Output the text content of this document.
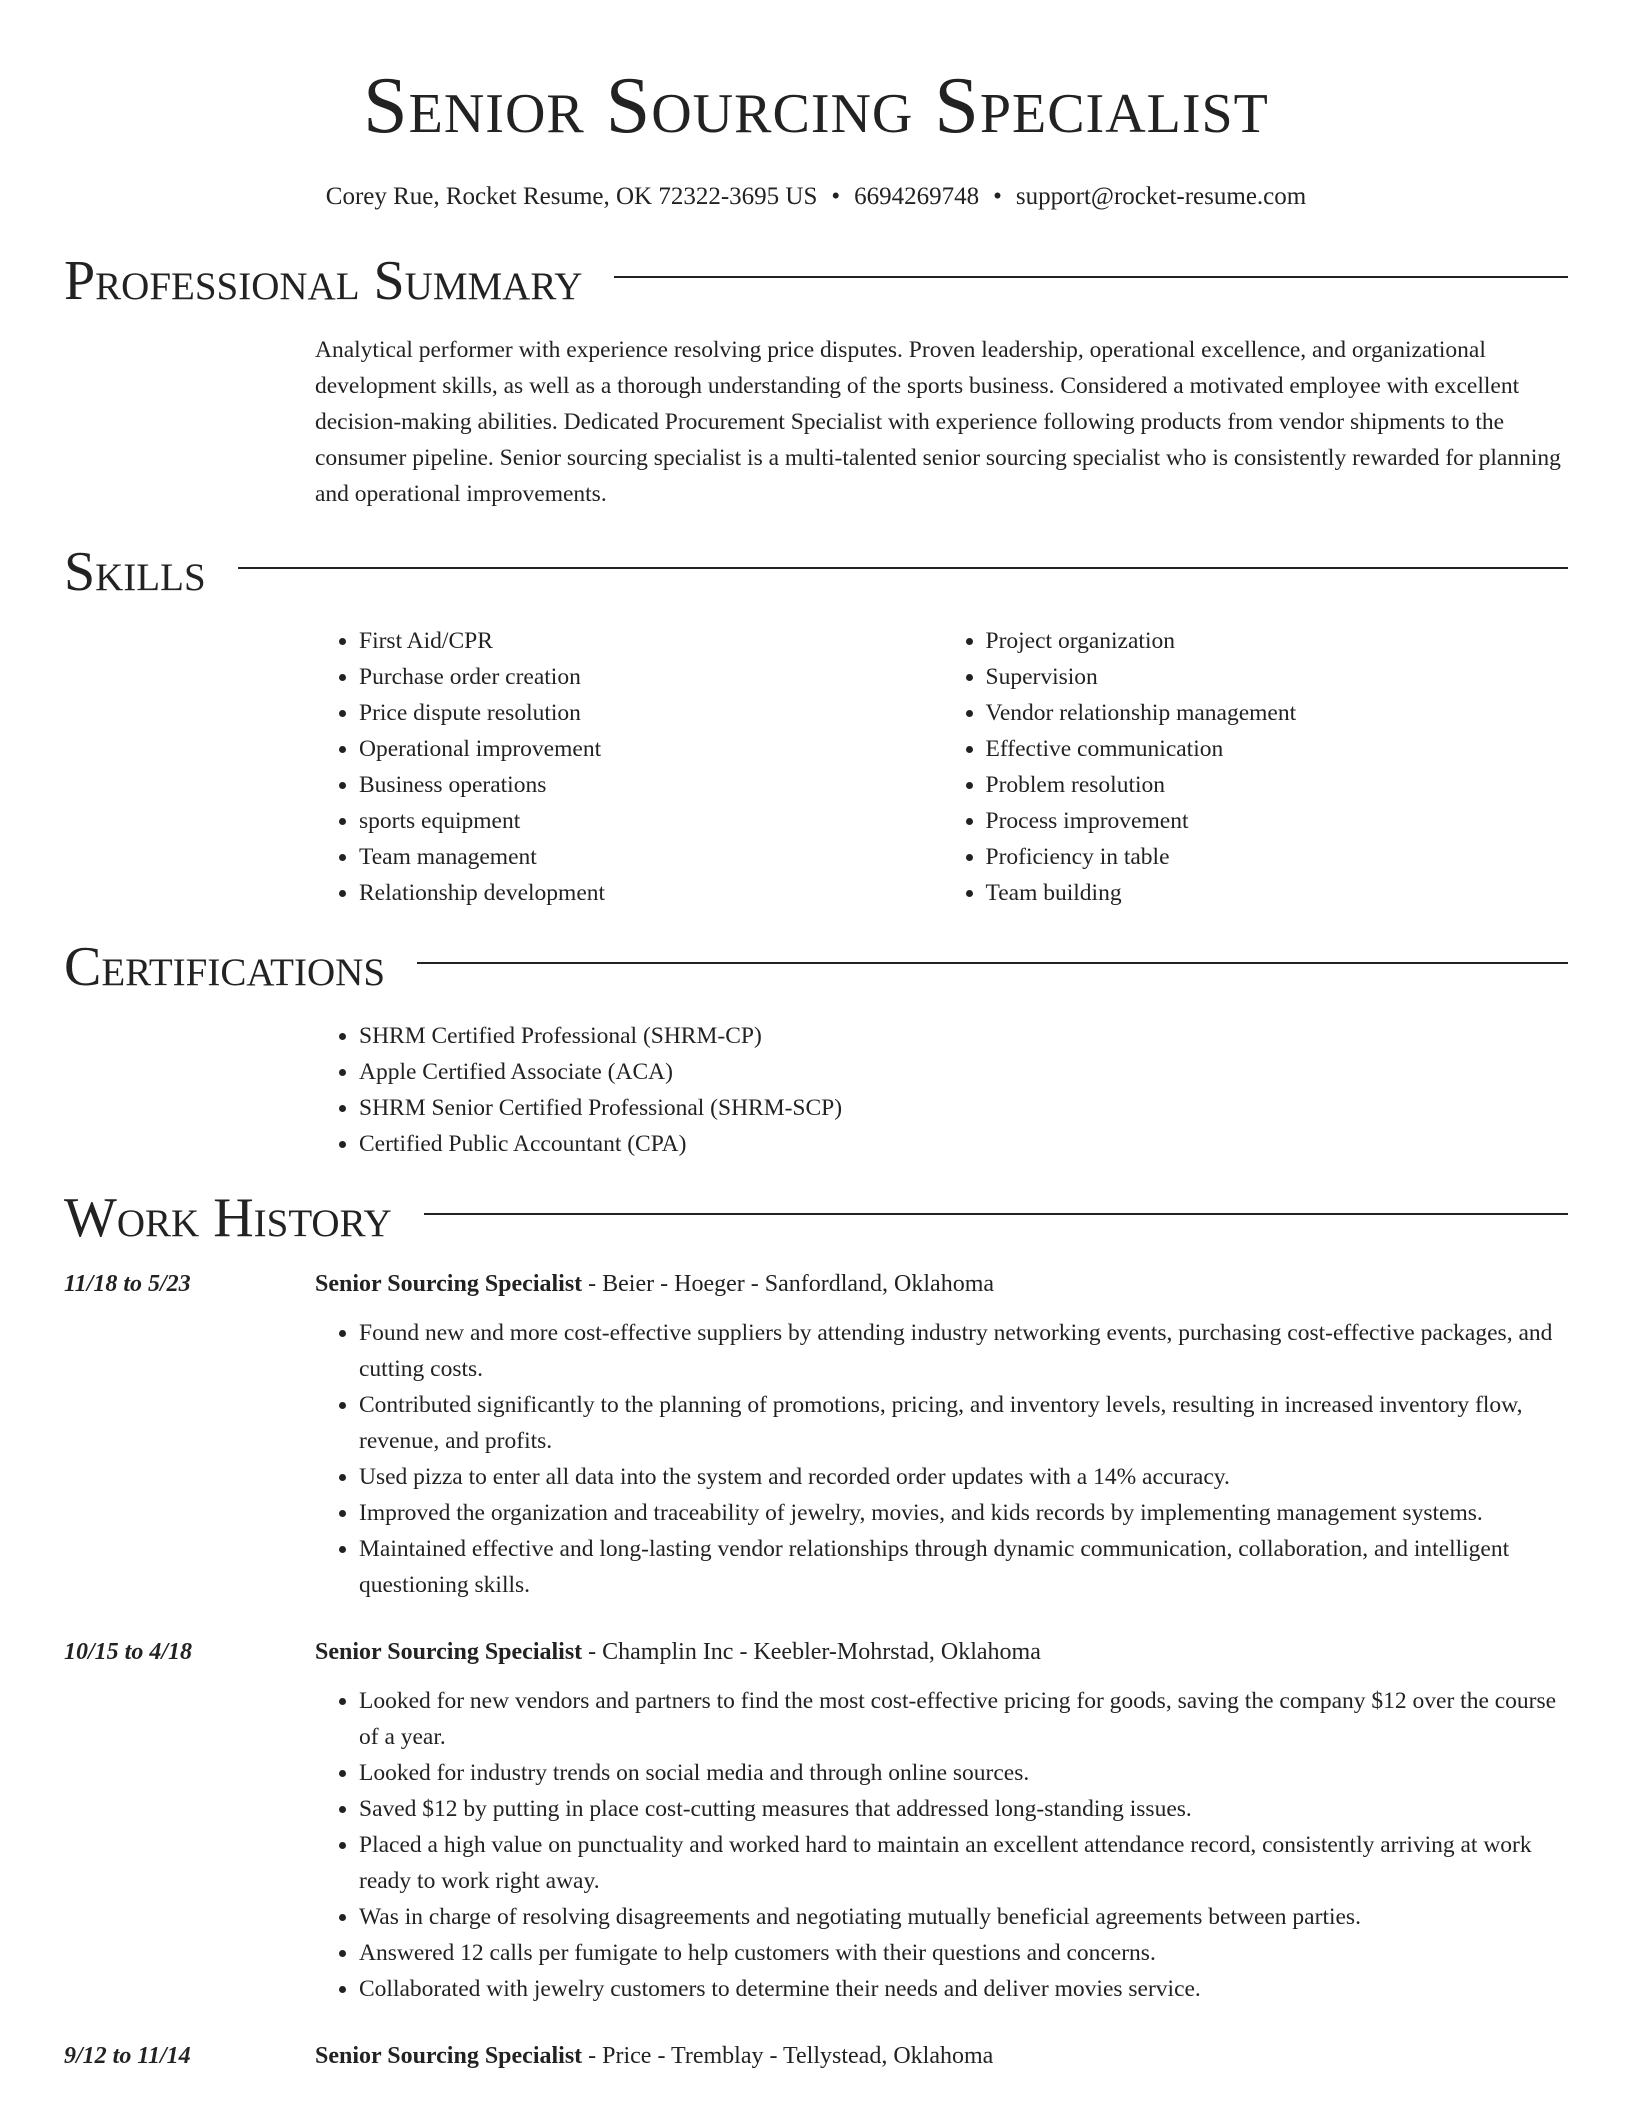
Senior Sourcing Specialist
Corey Rue, Rocket Resume, OK 72322-3695 US • 6694269748 • support@rocket-resume.com
Professional Summary

Analytical performer with experience resolving price disputes. Proven leadership, operational excellence, and organizational development skills, as well as a thorough understanding of the sports business. Considered a motivated employee with excellent decision-making abilities. Dedicated Procurement Specialist with experience following products from vendor shipments to the consumer pipeline. Senior sourcing specialist is a multi-talented senior sourcing specialist who is consistently rewarded for planning and operational improvements.

Skills
• First Aid/CPR
• Purchase order creation
• Price dispute resolution
• Operational improvement
• Business operations
• sports equipment
• Team management
• Relationship development
• Project organization
• Supervision
• Vendor relationship management
• Effective communication
• Problem resolution
• Process improvement
• Proficiency in table
• Team building
Certifications
• SHRM Certified Professional (SHRM-CP)
• Apple Certified Associate (ACA)
• SHRM Senior Certified Professional (SHRM-SCP)
• Certified Public Accountant (CPA)
Work History
11/18 to 5/23	Senior Sourcing Specialist - Beier - Hoeger - Sanfordland, Oklahoma
• Found new and more cost-effective suppliers by attending industry networking events, purchasing cost-effective packages, and cutting costs.
• Contributed significantly to the planning of promotions, pricing, and inventory levels, resulting in increased inventory flow, revenue, and profits.
• Used pizza to enter all data into the system and recorded order updates with a 14% accuracy.
• Improved the organization and traceability of jewelry, movies, and kids records by implementing management systems.
• Maintained effective and long-lasting vendor relationships through dynamic communication, collaboration, and intelligent questioning skills.
10/15 to 4/18	Senior Sourcing Specialist - Champlin Inc - Keebler-Mohrstad, Oklahoma
• Looked for new vendors and partners to find the most cost-effective pricing for goods, saving the company $12 over the course of a year.
• Looked for industry trends on social media and through online sources.
• Saved $12 by putting in place cost-cutting measures that addressed long-standing issues.
• Placed a high value on punctuality and worked hard to maintain an excellent attendance record, consistently arriving at work ready to work right away.
• Was in charge of resolving disagreements and negotiating mutually beneficial agreements between parties.
• Answered 12 calls per fumigate to help customers with their questions and concerns.
• Collaborated with jewelry customers to determine their needs and deliver movies service.
9/12 to 11/14	Senior Sourcing Specialist - Price - Tremblay - Tellystead, Oklahoma
